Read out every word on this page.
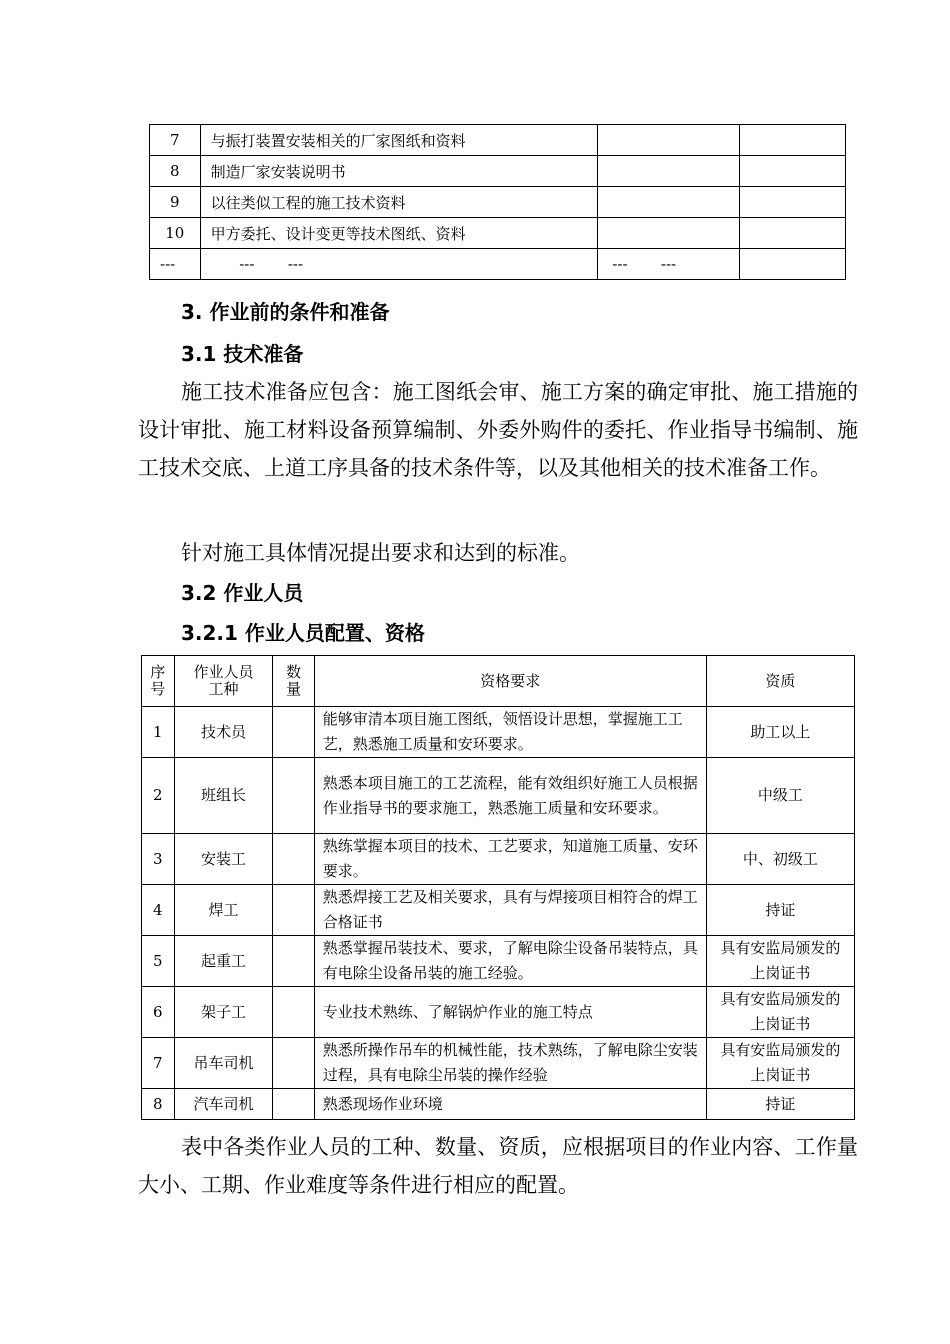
7	与振打装置安装相关的厂家图纸和资料		
8	制造厂家安装说明书		
9	以往类似工程的施工技术资料		
10	甲方委托、设计变更等技术图纸、资料		
---	---       ---	---       ---	
3. 作业前的条件和准备
3.1 技术准备
施工技术准备应包含：施工图纸会审、施工方案的确定审批、施工措施的设计审批、施工材料设备预算编制、外委外购件的委托、作业指导书编制、施工技术交底、上道工序具备的技术条件等，以及其他相关的技术准备工作。
针对施工具体情况提出要求和达到的标准。
3.2 作业人员
3.2.1 作业人员配置、资格
序号	作业人员工种	数量	资格要求	资质
1	技术员		能够审清本项目施工图纸，领悟设计思想，掌握施工工艺，熟悉施工质量和安环要求。	助工以上
2	班组长		熟悉本项目施工的工艺流程，能有效组织好施工人员根据作业指导书的要求施工，熟悉施工质量和安环要求。	中级工
3	安装工		熟练掌握本项目的技术、工艺要求，知道施工质量、安环要求。	中、初级工
4	焊工		熟悉焊接工艺及相关要求，具有与焊接项目相符合的焊工合格证书	持证
5	起重工		熟悉掌握吊装技术、要求，了解电除尘设备吊装特点，具有电除尘设备吊装的施工经验。	具有安监局颁发的上岗证书

6	架子工		专业技术熟练、了解锅炉作业的施工特点	具有安监局颁发的上岗证书

7	吊车司机		熟悉所操作吊车的机械性能，技术熟练，了解电除尘安装过程，具有电除尘吊装的操作经验	具有安监局颁发的上岗证书

8	汽车司机		熟悉现场作业环境	持证
表中各类作业人员的工种、数量、资质，应根据项目的作业内容、工作量大小、工期、作业难度等条件进行相应的配置。
